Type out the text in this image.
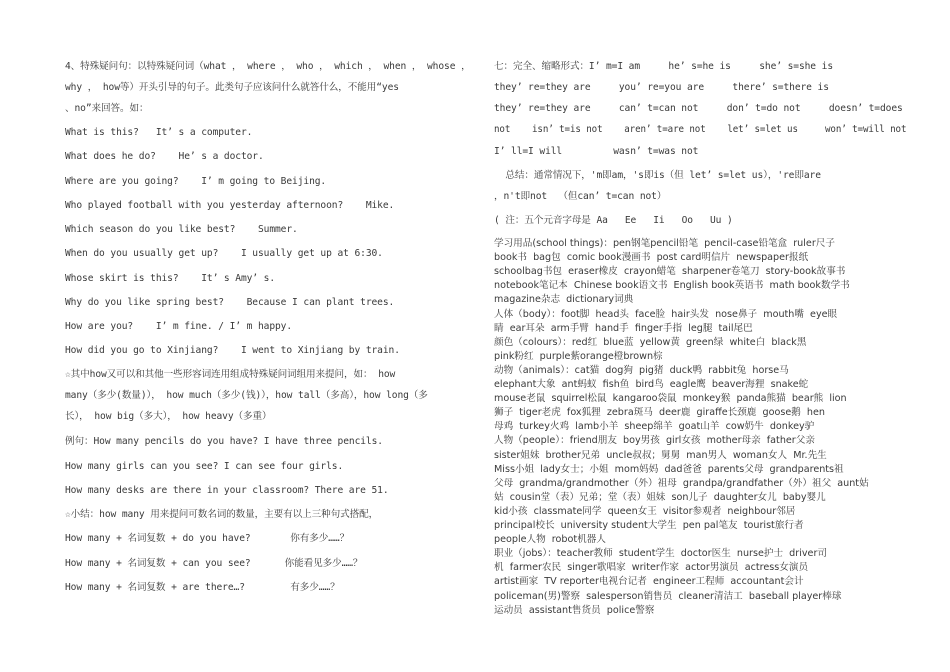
4、特殊疑问句：以特殊疑问词（what ， where ， who ， which ， when ， whose ，
why ， how等）开头引导的句子。此类句子应该问什么就答什么，不能用“yes
、no”来回答。如：
What is this?   It’ s a computer.
What does he do?    He’ s a doctor.
Where are you going?    I’ m going to Beijing.
Who played football with you yesterday afternoon?    Mike.
Which season do you like best?    Summer.
When do you usually get up?    I usually get up at 6:30.
Whose skirt is this?    It’ s Amy’ s.
Why do you like spring best?    Because I can plant trees.
How are you?    I’ m fine. / I’ m happy.
How did you go to Xinjiang?    I went to Xinjiang by train.
☆其中how又可以和其他一些形容词连用组成特殊疑问词组用来提问，如： how
many（多少(数量)）， how much（多少(钱)），how tall（多高），how long（多
长）， how big（多大）， how heavy（多重）
例句：How many pencils do you have? I have three pencils.
How many girls can you see? I can see four girls.
How many desks are there in your classroom? There are 51.
☆小结：how many 用来提问可数名词的数量，主要有以上三种句式搭配，
How many + 名词复数 + do you have?       你有多少……？
How many + 名词复数 + can you see?      你能看见多少……？
How many + 名词复数 + are there…?        有多少……？
七：完全、缩略形式：I’ m=I am     he’ s=he is     she’ s=she is
they’ re=they are     you’ re=you are     there’ s=there is
they’ re=they are     can’ t=can not     don’ t=do not     doesn’ t=does
not    isn’ t=is not    aren’ t=are not    let’ s=let us     won’ t=will not
I’ ll=I will         wasn’ t=was not
总结：通常情况下，'m即am，'s即is（但 let’ s=let us），'re即are
，n't即not  （但can’ t=can not）
( 注：五个元音字母是 Aa   Ee   Ii   Oo   Uu )
学习用品(school things)：pen钢笔pencil铅笔  pencil-case铅笔盒  ruler尺子
book书  bag包  comic book漫画书  post card明信片  newspaper报纸
schoolbag书包  eraser橡皮  crayon蜡笔  sharpener卷笔刀  story-book故事书
notebook笔记本  Chinese book语文书  English book英语书  math book数学书
magazine杂志  dictionary词典
人体（body）：foot脚  head头  face脸  hair头发  nose鼻子  mouth嘴  eye眼
睛  ear耳朵  arm手臂  hand手  finger手指  leg腿  tail尾巴
颜色（colours）：red红  blue蓝  yellow黄  green绿  white白  black黑
pink粉红  purple紫orange橙brown棕
动物（animals）：cat猫  dog狗  pig猪  duck鸭  rabbit兔  horse马
elephant大象  ant蚂蚁  fish鱼  bird鸟  eagle鹰  beaver海狸  snake蛇
mouse老鼠  squirrel松鼠  kangaroo袋鼠  monkey猴  panda熊猫  bear熊  lion
狮子  tiger老虎  fox狐狸  zebra斑马  deer鹿  giraffe长颈鹿  goose鹅  hen
母鸡  turkey火鸡  lamb小羊  sheep绵羊  goat山羊  cow奶牛  donkey驴
人物（people）：friend朋友  boy男孩  girl女孩  mother母亲  father父亲
sister姐妹  brother兄弟  uncle叔叔；舅舅  man男人  woman女人  Mr.先生
Miss小姐  lady女士；小姐  mom妈妈  dad爸爸  parents父母  grandparents祖
父母  grandma/grandmother（外）祖母  grandpa/grandfather（外）祖父  aunt姑
姑  cousin堂（表）兄弟；堂（表）姐妹  son儿子  daughter女儿  baby婴儿
kid小孩  classmate同学  queen女王  visitor参观者  neighbour邻居
principal校长  university student大学生  pen pal笔友  tourist旅行者
people人物  robot机器人
职业（jobs）：teacher教师  student学生  doctor医生  nurse护士  driver司
机  farmer农民  singer歌唱家  writer作家  actor男演员  actress女演员
artist画家  TV reporter电视台记者  engineer工程师  accountant会计
policeman(男)警察  salesperson销售员  cleaner清洁工  baseball player棒球
运动员  assistant售货员  police警察
